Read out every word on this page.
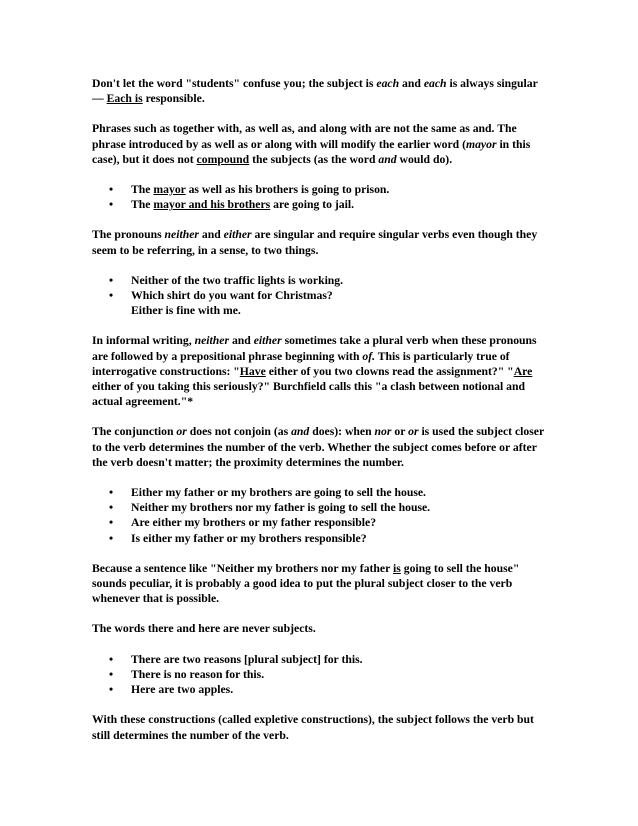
Don't let the word "students" confuse you; the subject is each and each is always singular — Each is responsible.

Phrases such as together with, as well as, and along with are not the same as and. The phrase introduced by as well as or along with will modify the earlier word (mayor in this case), but it does not compound the subjects (as the word and would do).

• The mayor as well as his brothers is going to prison.
• The mayor and his brothers are going to jail.

The pronouns neither and either are singular and require singular verbs even though they seem to be referring, in a sense, to two things.

• Neither of the two traffic lights is working.
• Which shirt do you want for Christmas?
Either is fine with me.

In informal writing, neither and either sometimes take a plural verb when these pronouns are followed by a prepositional phrase beginning with of. This is particularly true of interrogative constructions: "Have either of you two clowns read the assignment?" "Are either of you taking this seriously?" Burchfield calls this "a clash between notional and actual agreement."*

The conjunction or does not conjoin (as and does): when nor or or is used the subject closer to the verb determines the number of the verb. Whether the subject comes before or after the verb doesn't matter; the proximity determines the number.

• Either my father or my brothers are going to sell the house.
• Neither my brothers nor my father is going to sell the house.
• Are either my brothers or my father responsible?
• Is either my father or my brothers responsible?

Because a sentence like "Neither my brothers nor my father is going to sell the house" sounds peculiar, it is probably a good idea to put the plural subject closer to the verb whenever that is possible.

The words there and here are never subjects.

• There are two reasons [plural subject] for this.
• There is no reason for this.
• Here are two apples.

With these constructions (called expletive constructions), the subject follows the verb but still determines the number of the verb.
